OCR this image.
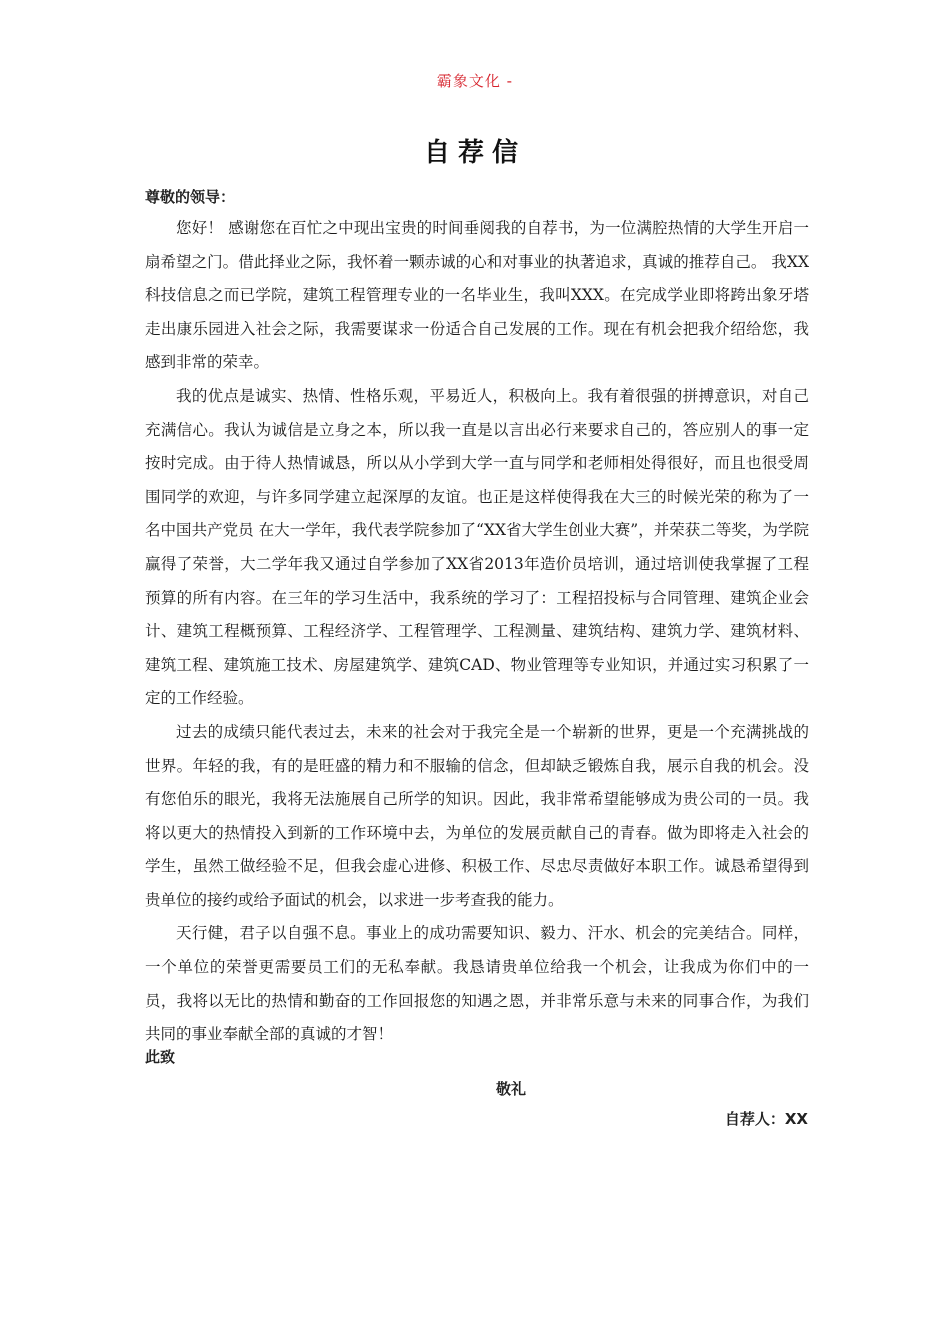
霸象文化 -
自荐信
尊敬的领导：

您好！ 感谢您在百忙之中现出宝贵的时间垂阅我的自荐书，为一位满腔热情的大学生开启一扇希望之门。借此择业之际，我怀着一颗赤诚的心和对事业的执著追求，真诚的推荐自己。 我XX科技信息之而已学院，建筑工程管理专业的一名毕业生，我叫XXX。在完成学业即将跨出象牙塔走出康乐园进入社会之际，我需要谋求一份适合自己发展的工作。现在有机会把我介绍给您，我感到非常的荣幸。

我的优点是诚实、热情、性格乐观，平易近人，积极向上。我有着很强的拼搏意识，对自己充满信心。我认为诚信是立身之本，所以我一直是以言出必行来要求自己的，答应别人的事一定按时完成。由于待人热情诚恳，所以从小学到大学一直与同学和老师相处得很好，而且也很受周围同学的欢迎，与许多同学建立起深厚的友谊。也正是这样使得我在大三的时候光荣的称为了一名中国共产党员 在大一学年，我代表学院参加了“XX省大学生创业大赛”，并荣获二等奖，为学院赢得了荣誉，大二学年我又通过自学参加了XX省2013年造价员培训，通过培训使我掌握了工程预算的所有内容。在三年的学习生活中，我系统的学习了：工程招投标与合同管理、建筑企业会计、建筑工程概预算、工程经济学、工程管理学、工程测量、建筑结构、建筑力学、建筑材料、建筑工程、建筑施工技术、房屋建筑学、建筑CAD、物业管理等专业知识，并通过实习积累了一定的工作经验。

过去的成绩只能代表过去，未来的社会对于我完全是一个崭新的世界，更是一个充满挑战的世界。年轻的我，有的是旺盛的精力和不服输的信念，但却缺乏锻炼自我，展示自我的机会。没有您伯乐的眼光，我将无法施展自己所学的知识。因此，我非常希望能够成为贵公司的一员。我将以更大的热情投入到新的工作环境中去，为单位的发展贡献自己的青春。做为即将走入社会的学生，虽然工做经验不足，但我会虚心进修、积极工作、尽忠尽责做好本职工作。诚恳希望得到贵单位的接约或给予面试的机会，以求进一步考查我的能力。

天行健，君子以自强不息。事业上的成功需要知识、毅力、汗水、机会的完美结合。同样，一个单位的荣誉更需要员工们的无私奉献。我恳请贵单位给我一个机会，让我成为你们中的一员，我将以无比的热情和勤奋的工作回报您的知遇之恩，并非常乐意与未来的同事合作，为我们共同的事业奉献全部的真诚的才智！

此致
敬礼
自荐人：XX
